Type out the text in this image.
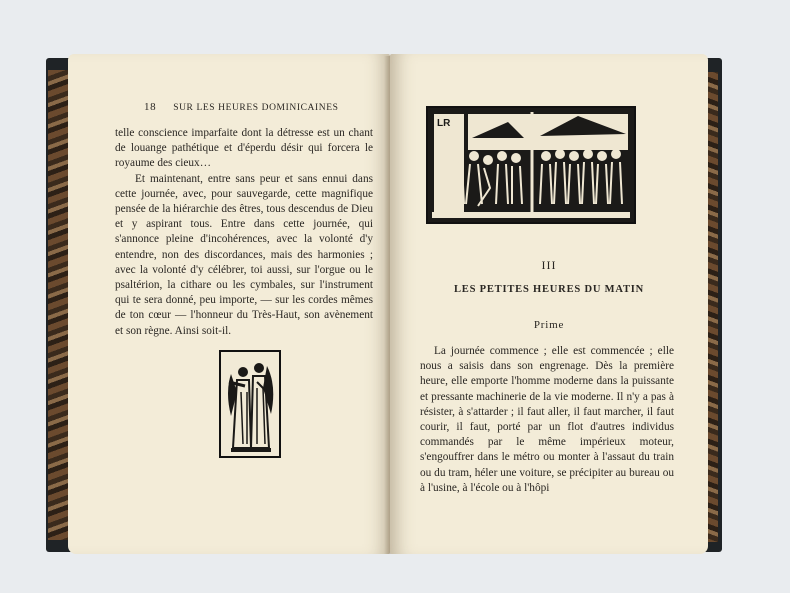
18 SUR LES HEURES DOMINICAINES

telle conscience imparfaite dont la détresse est un chant de louange pathétique et d'éperdu désir qui forcera le royaume des cieux…

Et maintenant, entre sans peur et sans ennui dans cette journée, avec, pour sauvegarde, cette magnifique pensée de la hiérarchie des êtres, tous descendus de Dieu et y aspirant tous. Entre dans cette journée, qui s'annonce pleine d'incohérences, avec la volonté d'y entendre, non des discordances, mais des harmonies ; avec la volonté d'y célébrer, toi aussi, sur l'orgue ou le psaltérion, la cithare ou les cymbales, sur l'instrument qui te sera donné, peu importe, — sur les cordes mêmes de ton cœur — l'honneur du Très-Haut, son avènement et son règne. Ainsi soit-il.

LR
III
LES PETITES HEURES DU MATIN
Prime

La journée commence ; elle est commencée ; elle nous a saisis dans son engrenage. Dès la première heure, elle emporte l'homme moderne dans la puissante et pressante machinerie de la vie moderne. Il n'y a pas à résister, à s'attarder ; il faut aller, il faut marcher, il faut courir, il faut, porté par un flot d'autres individus commandés par le même impérieux moteur, s'engouffrer dans le métro ou monter à l'assaut du train ou du tram, héler une voiture, se précipiter au bureau ou à l'usine, à l'école ou à l'hôpi
